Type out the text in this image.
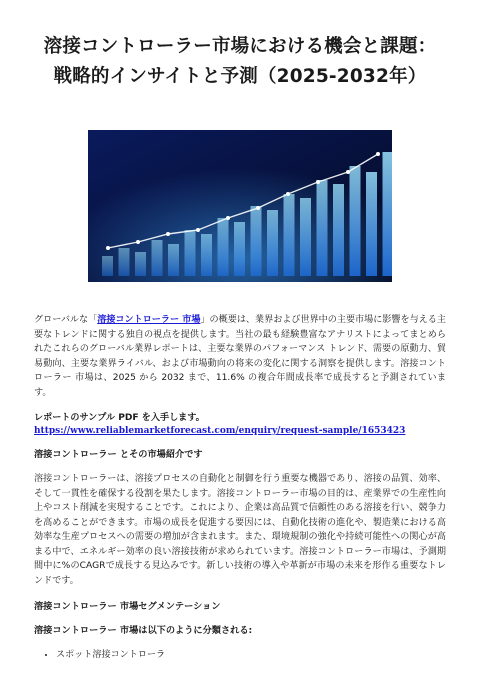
溶接コントローラー市場における機会と課題：
戦略的インサイトと予測（2025-2032年）

グローバルな「溶接コントローラー 市場」の概要は、業界および世界中の主要市場に影響を与える主要なトレンドに関する独自の視点を提供します。当社の最も経験豊富なアナリストによってまとめられたこれらのグローバル業界レポートは、主要な業界のパフォーマンス トレンド、需要の原動力、貿易動向、主要な業界ライバル、および市場動向の将来の変化に関する洞察を提供します。溶接コントローラー 市場は、2025 から 2032 まで、11.6% の複合年間成長率で成長すると予測されています。

レポートのサンプル PDF を入手します。
https://www.reliablemarketforecast.com/enquiry/request-sample/1653423
溶接コントローラー とその市場紹介です

溶接コントローラーは、溶接プロセスの自動化と制御を行う重要な機器であり、溶接の品質、効率、そして一貫性を確保する役割を果たします。溶接コントローラー市場の目的は、産業界での生産性向上やコスト削減を実現することです。これにより、企業は高品質で信頼性のある溶接を行い、競争力を高めることができます。市場の成長を促進する要因には、自動化技術の進化や、製造業における高効率な生産プロセスへの需要の増加が含まれます。また、環境規制の強化や持続可能性への関心が高まる中で、エネルギー効率の良い溶接技術が求められています。溶接コントローラー市場は、予測期間中に%のCAGRで成長する見込みです。新しい技術の導入や革新が市場の未来を形作る重要なトレンドです。

溶接コントローラー 市場セグメンテーション
溶接コントローラー 市場は以下のように分類される:
• スポット溶接コントローラ
